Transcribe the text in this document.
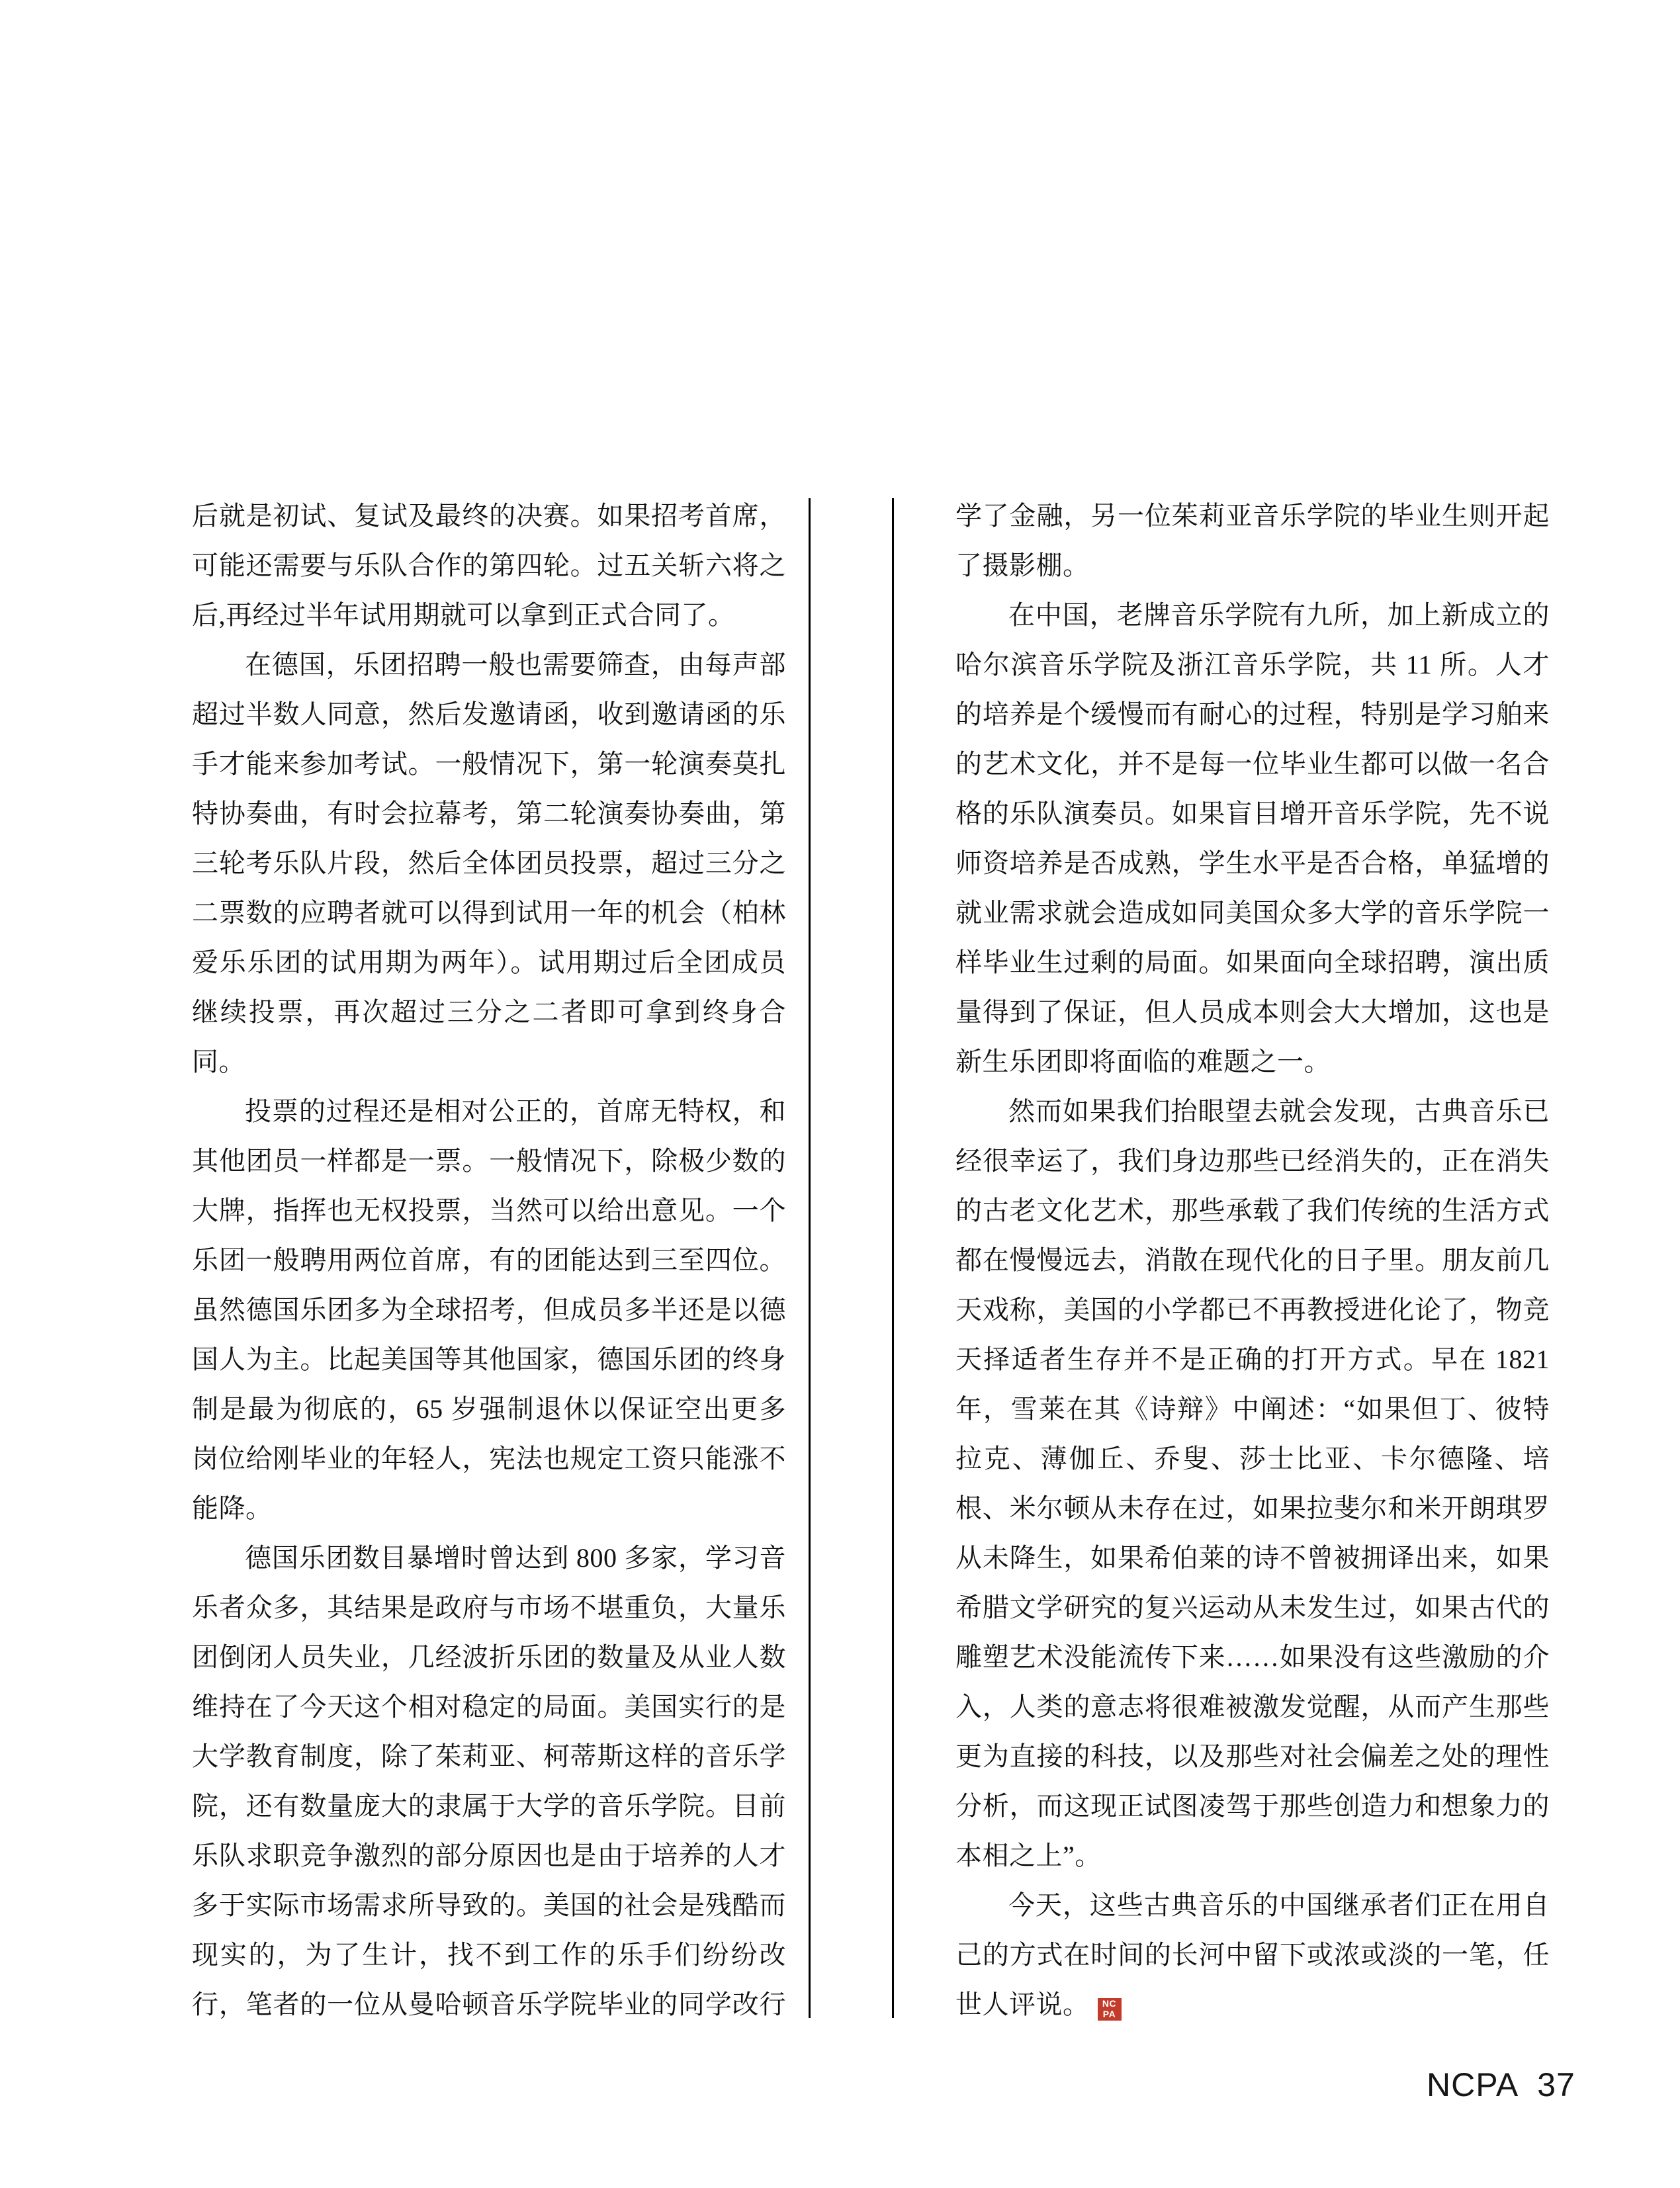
后就是初试、复试及最终的决赛。如果招考首席，可能还需要与乐队合作的第四轮。过五关斩六将之后,再经过半年试用期就可以拿到正式合同了。

在德国，乐团招聘一般也需要筛查，由每声部超过半数人同意，然后发邀请函，收到邀请函的乐手才能来参加考试。一般情况下，第一轮演奏莫扎特协奏曲，有时会拉幕考，第二轮演奏协奏曲，第三轮考乐队片段，然后全体团员投票，超过三分之二票数的应聘者就可以得到试用一年的机会（柏林爱乐乐团的试用期为两年）。试用期过后全团成员继续投票，再次超过三分之二者即可拿到终身合同。

投票的过程还是相对公正的，首席无特权，和其他团员一样都是一票。一般情况下，除极少数的大牌，指挥也无权投票，当然可以给出意见。一个乐团一般聘用两位首席，有的团能达到三至四位。虽然德国乐团多为全球招考，但成员多半还是以德国人为主。比起美国等其他国家，德国乐团的终身制是最为彻底的，65 岁强制退休以保证空出更多岗位给刚毕业的年轻人，宪法也规定工资只能涨不能降。

德国乐团数目暴增时曾达到 800 多家，学习音乐者众多，其结果是政府与市场不堪重负，大量乐团倒闭人员失业，几经波折乐团的数量及从业人数维持在了今天这个相对稳定的局面。美国实行的是大学教育制度，除了茱莉亚、柯蒂斯这样的音乐学院，还有数量庞大的隶属于大学的音乐学院。目前乐队求职竞争激烈的部分原因也是由于培养的人才多于实际市场需求所导致的。美国的社会是残酷而现实的，为了生计，找不到工作的乐手们纷纷改行，笔者的一位从曼哈顿音乐学院毕业的同学改行学了金融，另一位茱莉亚音乐学院的毕业生则开起了摄影棚。

在中国，老牌音乐学院有九所，加上新成立的哈尔滨音乐学院及浙江音乐学院，共 11 所。人才的培养是个缓慢而有耐心的过程，特别是学习舶来的艺术文化，并不是每一位毕业生都可以做一名合格的乐队演奏员。如果盲目增开音乐学院，先不说师资培养是否成熟，学生水平是否合格，单猛增的就业需求就会造成如同美国众多大学的音乐学院一样毕业生过剩的局面。如果面向全球招聘，演出质量得到了保证，但人员成本则会大大增加，这也是新生乐团即将面临的难题之一。

然而如果我们抬眼望去就会发现，古典音乐已经很幸运了，我们身边那些已经消失的，正在消失的古老文化艺术，那些承载了我们传统的生活方式都在慢慢远去，消散在现代化的日子里。朋友前几天戏称，美国的小学都已不再教授进化论了，物竞天择适者生存并不是正确的打开方式。早在 1821 年，雪莱在其《诗辩》中阐述：“如果但丁、彼特拉克、薄伽丘、乔叟、莎士比亚、卡尔德隆、培根、米尔顿从未存在过，如果拉斐尔和米开朗琪罗从未降生，如果希伯莱的诗不曾被拥译出来，如果希腊文学研究的复兴运动从未发生过，如果古代的雕塑艺术没能流传下来……如果没有这些激励的介入，人类的意志将很难被激发觉醒，从而产生那些更为直接的科技，以及那些对社会偏差之处的理性分析，而这现正试图凌驾于那些创造力和想象力的本相之上”。

今天，这些古典音乐的中国继承者们正在用自己的方式在时间的长河中留下或浓或淡的一笔，任世人评说。	NC
PA

NCPA 37
